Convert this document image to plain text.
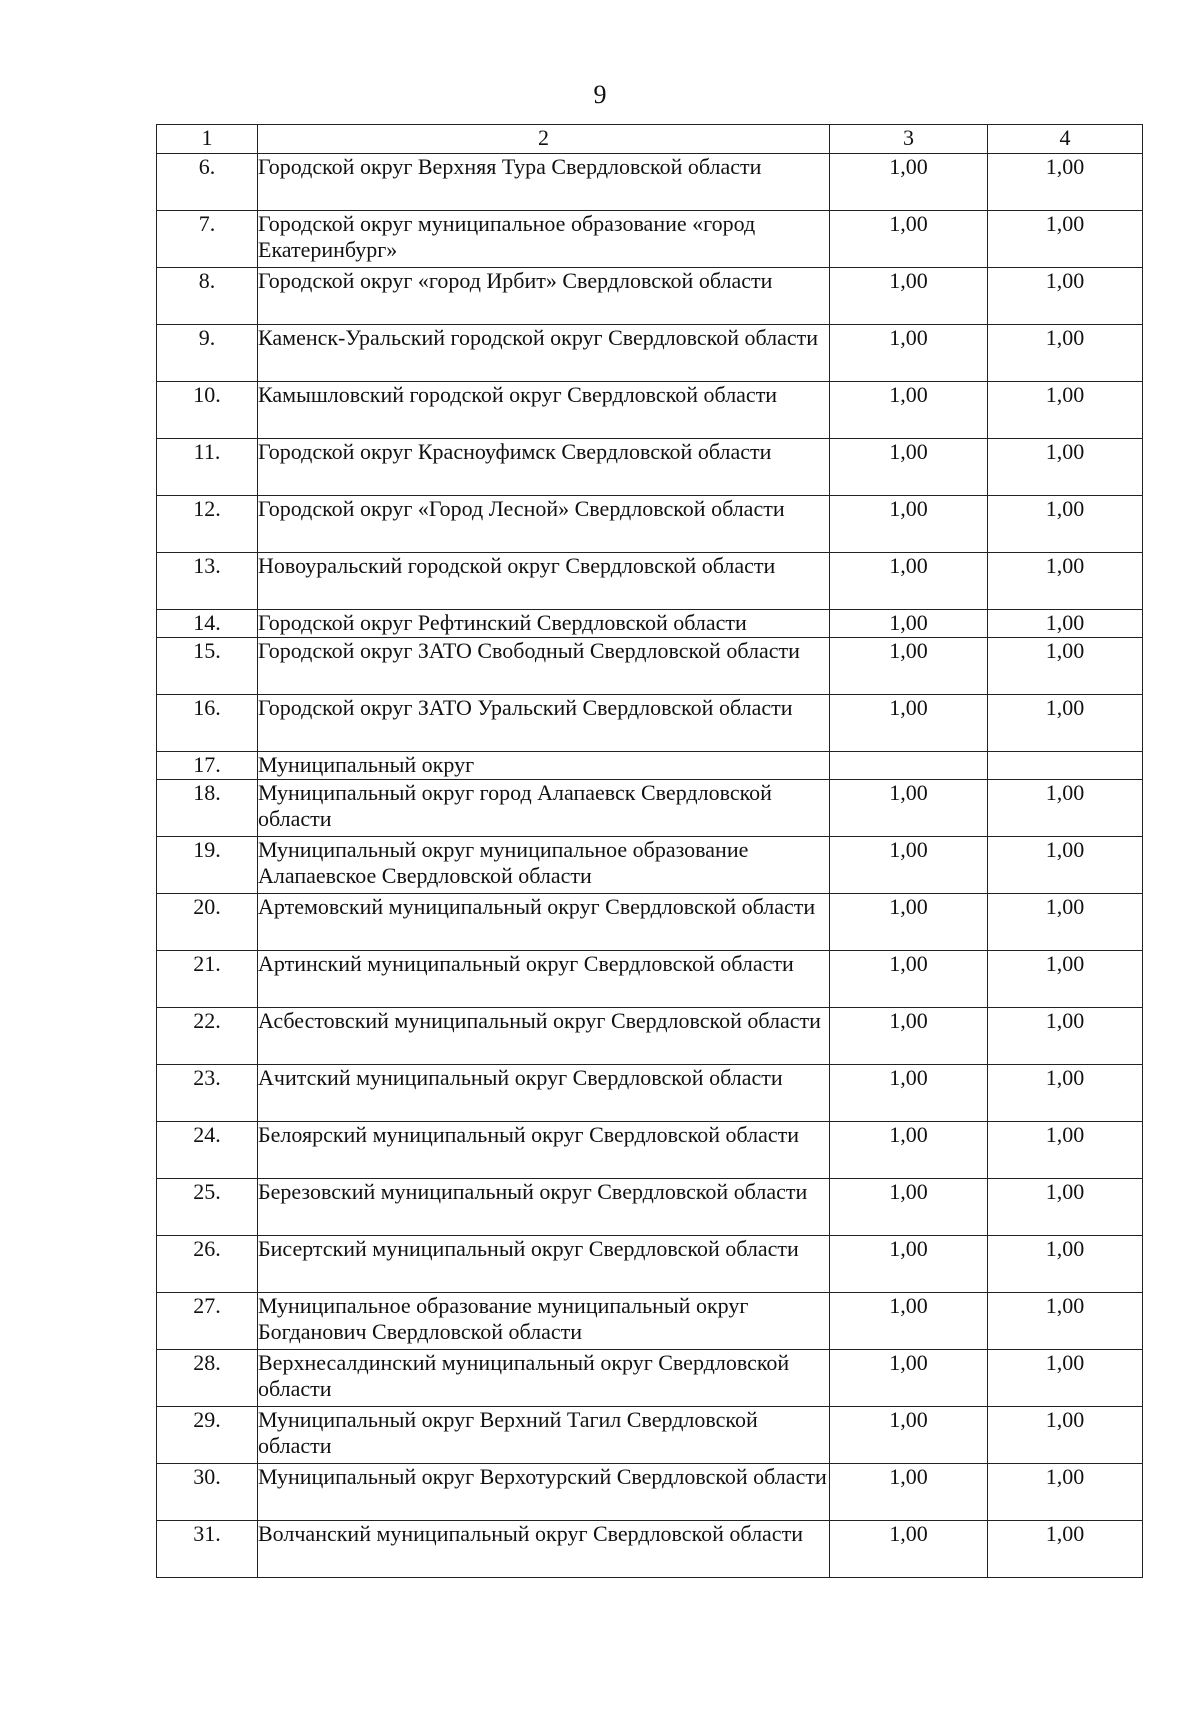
9
1	2	3	4
6.	Городской округ Верхняя Тура Свердловской области	1,00	1,00
7.	Городской округ муниципальное образование «город Екатеринбург»	1,00	1,00
8.	Городской округ «город Ирбит» Свердловской области	1,00	1,00
9.	Каменск-Уральский городской округ Свердловской области	1,00	1,00
10.	Камышловский городской округ Свердловской области	1,00	1,00
11.	Городской округ Красноуфимск Свердловской области	1,00	1,00
12.	Городской округ «Город Лесной» Свердловской области	1,00	1,00
13.	Новоуральский городской округ Свердловской области	1,00	1,00
14.	Городской округ Рефтинский Свердловской области	1,00	1,00
15.	Городской округ ЗАТО Свободный Свердловской области	1,00	1,00
16.	Городской округ ЗАТО Уральский Свердловской области	1,00	1,00
17.	Муниципальный округ		
18.	Муниципальный округ город Алапаевск Свердловской области	1,00	1,00
19.	Муниципальный округ муниципальное образование Алапаевское Свердловской области	1,00	1,00
20.	Артемовский муниципальный округ Свердловской области	1,00	1,00
21.	Артинский муниципальный округ Свердловской области	1,00	1,00
22.	Асбестовский муниципальный округ Свердловской области	1,00	1,00
23.	Ачитский муниципальный округ Свердловской области	1,00	1,00
24.	Белоярский муниципальный округ Свердловской области	1,00	1,00
25.	Березовский муниципальный округ Свердловской области	1,00	1,00
26.	Бисертский муниципальный округ Свердловской области	1,00	1,00
27.	Муниципальное образование муниципальный округ Богданович Свердловской области	1,00	1,00
28.	Верхнесалдинский муниципальный округ Свердловской области	1,00	1,00
29.	Муниципальный округ Верхний Тагил Свердловской области	1,00	1,00
30.	Муниципальный округ Верхотурский Свердловской области	1,00	1,00
31.	Волчанский муниципальный округ Свердловской области	1,00	1,00
